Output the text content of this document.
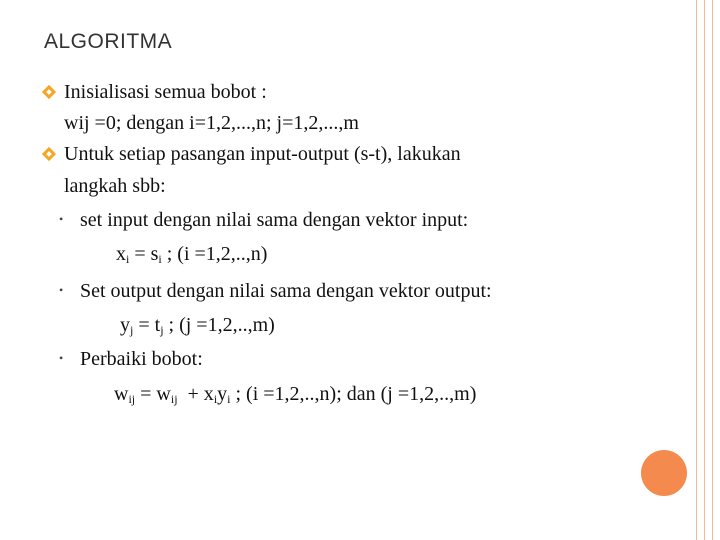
ALGORITMA
Inisialisasi semua bobot :
wij =0; dengan i=1,2,...,n; j=1,2,...,m
Untuk setiap pasangan input-output (s-t), lakukan
langkah sbb:
• set input dengan nilai sama dengan vektor input:
$x_i = s_i$ ; (i =1,2,..,n)
• Set output dengan nilai sama dengan vektor output:
$y_j = t_j$ ; (j =1,2,..,m)
• Perbaiki bobot:
$w_{ij} = w_{ij} + x_iy_i$ ; (i =1,2,..,n); dan (j =1,2,..,m)
